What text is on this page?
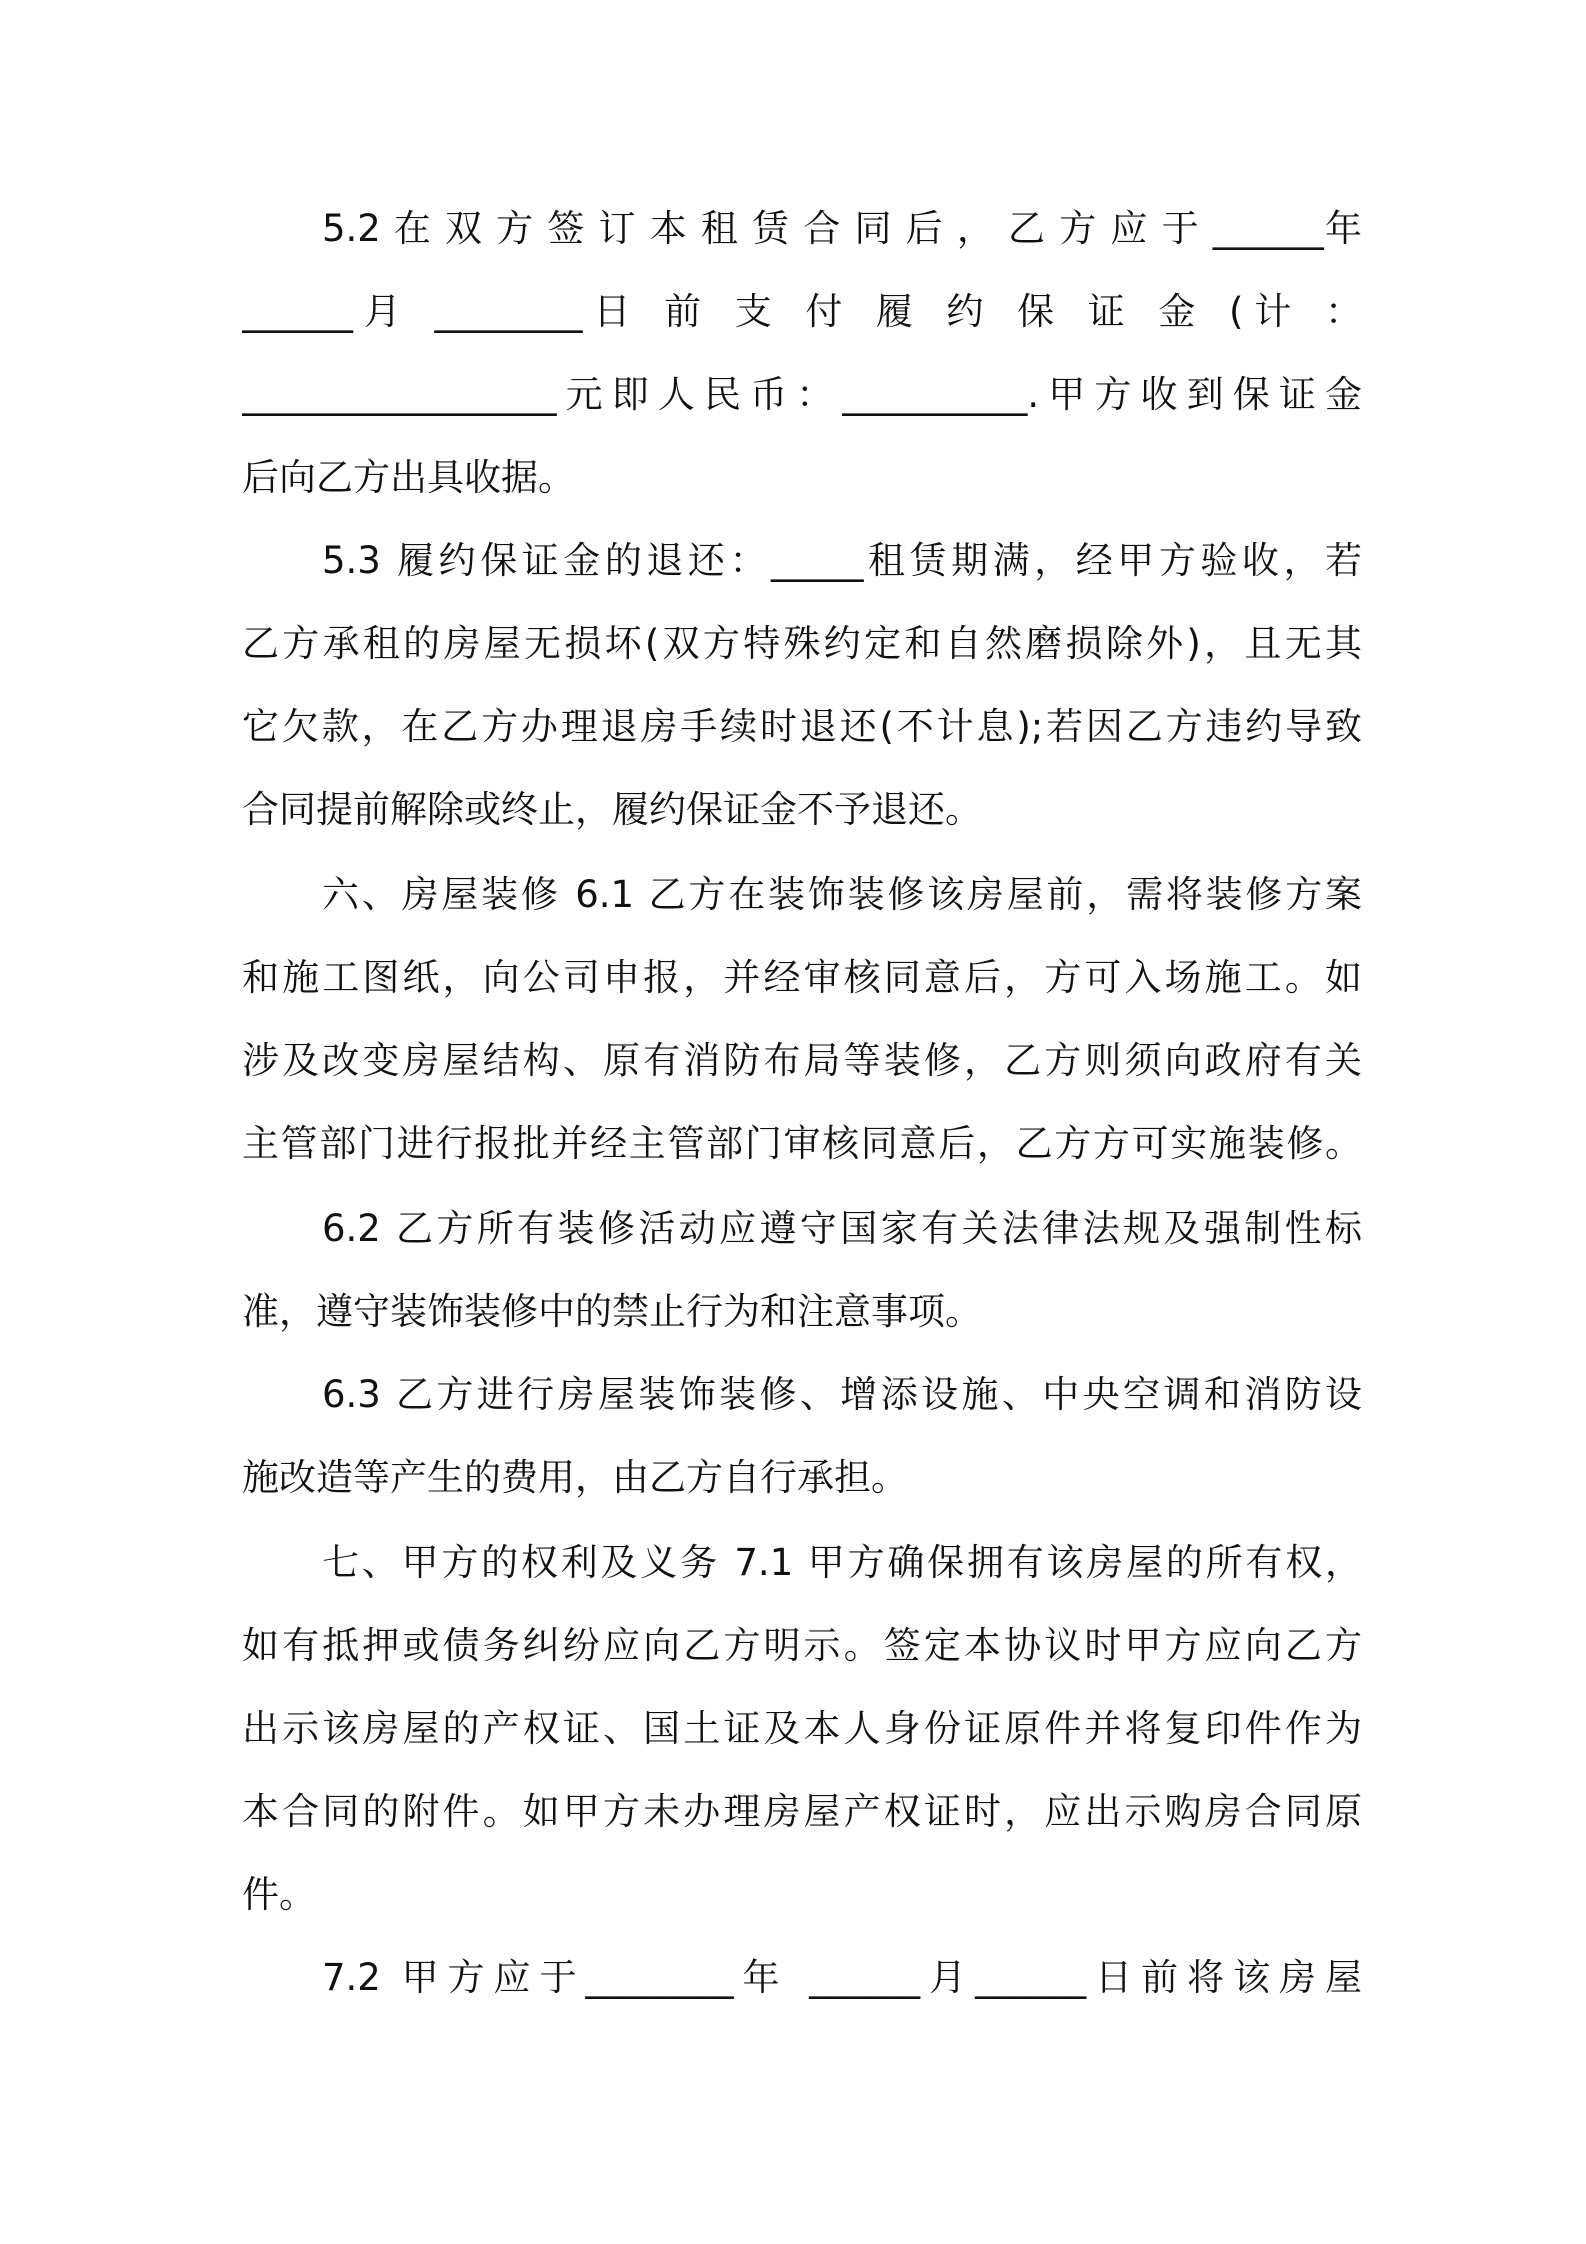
5.2 在 双 方 签 订 本 租 赁 合 同 后 ， 乙 方 应 于 ______年
______月 ________日 前 支 付 履 约 保 证 金 (计 ：
_________________元即人民币：__________.甲方收到保证金
后向乙方出具收据。
5.3 履约保证金的退还：_____租赁期满，经甲方验收，若
乙方承租的房屋无损坏(双方特殊约定和自然磨损除外)，且无其
它欠款，在乙方办理退房手续时退还(不计息);若因乙方违约导致
合同提前解除或终止，履约保证金不予退还。
六、房屋装修 6.1 乙方在装饰装修该房屋前，需将装修方案
和施工图纸，向公司申报，并经审核同意后，方可入场施工。如
涉及改变房屋结构、原有消防布局等装修，乙方则须向政府有关
主管部门进行报批并经主管部门审核同意后，乙方方可实施装修。
6.2 乙方所有装修活动应遵守国家有关法律法规及强制性标
准，遵守装饰装修中的禁止行为和注意事项。
6.3 乙方进行房屋装饰装修、增添设施、中央空调和消防设
施改造等产生的费用，由乙方自行承担。
七、甲方的权利及义务 7.1 甲方确保拥有该房屋的所有权，
如有抵押或债务纠纷应向乙方明示。签定本协议时甲方应向乙方
出示该房屋的产权证、国土证及本人身份证原件并将复印件作为
本合同的附件。如甲方未办理房屋产权证时，应出示购房合同原
件。
7.2 甲方应于________年 ______月______日前将该房屋
